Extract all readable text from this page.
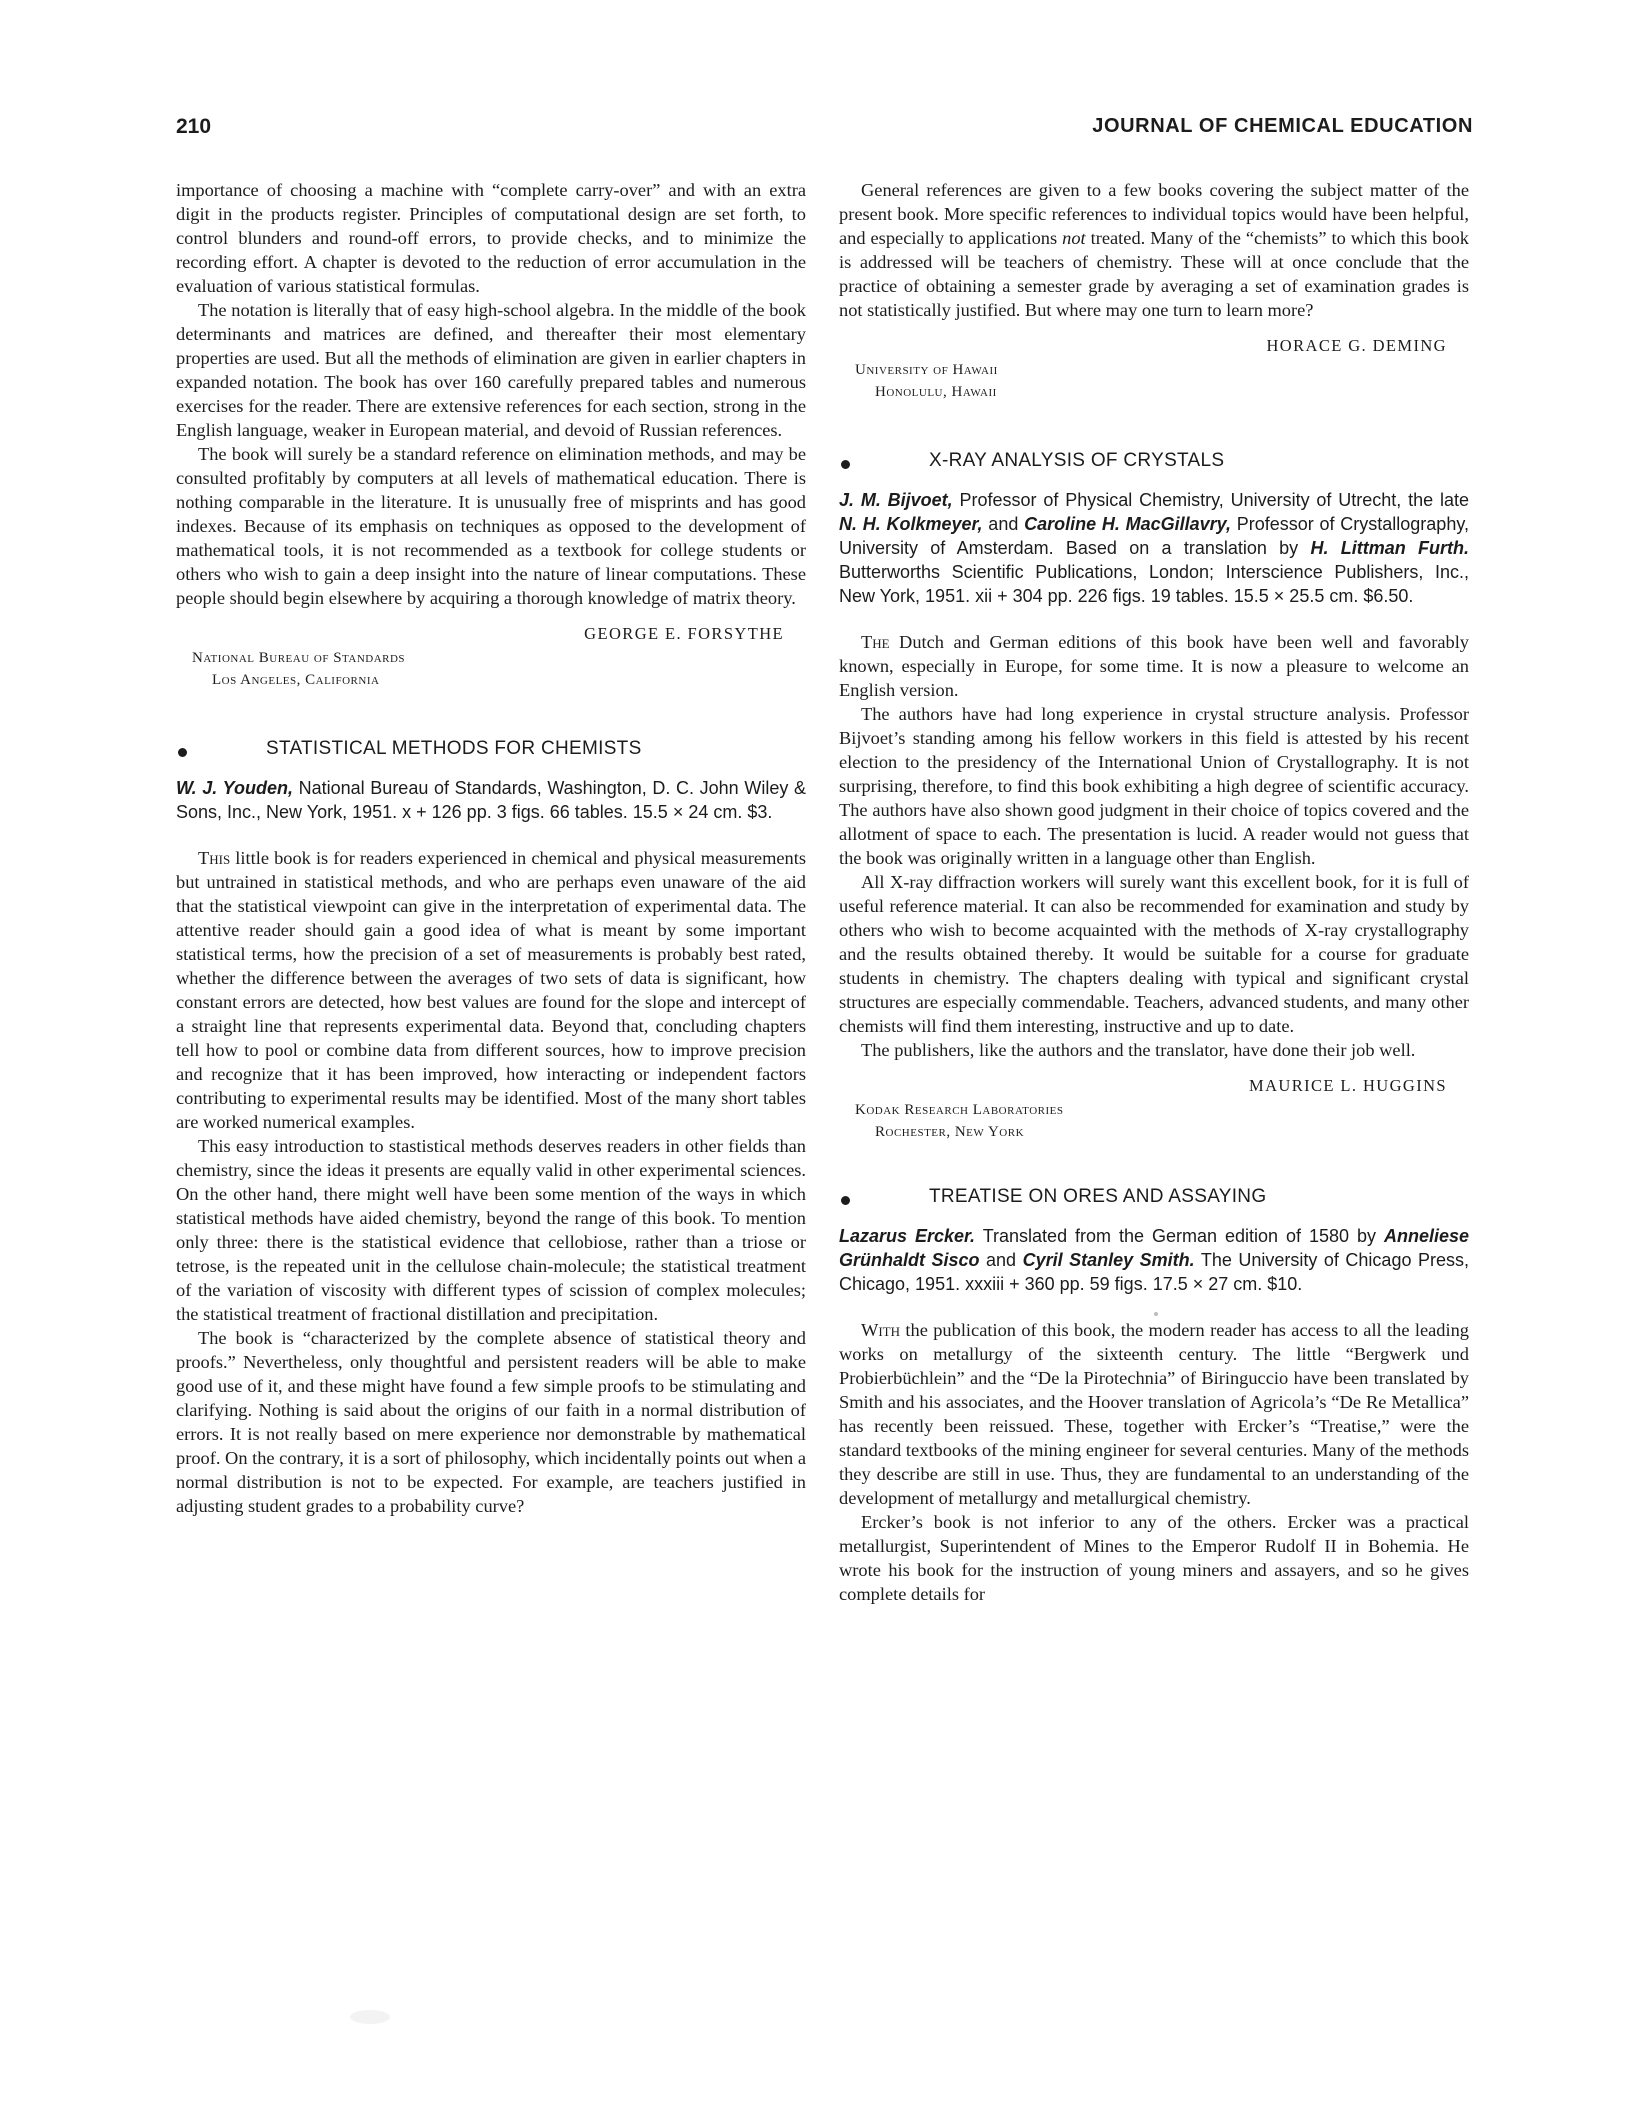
210	JOURNAL OF CHEMICAL EDUCATION

importance of choosing a machine with “complete carry-over” and with an extra digit in the products register. Principles of computational design are set forth, to control blunders and round-off errors, to provide checks, and to minimize the recording effort. A chapter is devoted to the reduction of error accumulation in the evaluation of various statistical formulas.

The notation is literally that of easy high-school algebra. In the middle of the book determinants and matrices are defined, and thereafter their most elementary properties are used. But all the methods of elimination are given in earlier chapters in expanded notation. The book has over 160 carefully prepared tables and numerous exercises for the reader. There are extensive references for each section, strong in the English language, weaker in European material, and devoid of Russian references.

The book will surely be a standard reference on elimination methods, and may be consulted profitably by computers at all levels of mathematical education. There is nothing comparable in the literature. It is unusually free of misprints and has good indexes. Because of its emphasis on techniques as opposed to the development of mathematical tools, it is not recommended as a textbook for college students or others who wish to gain a deep insight into the nature of linear computations. These people should begin elsewhere by acquiring a thorough knowledge of matrix theory.

GEORGE E. FORSYTHE
National Bureau of Standards
Los Angeles, California
STATISTICAL METHODS FOR CHEMISTS
W. J. Youden, National Bureau of Standards, Washington, D. C. John Wiley & Sons, Inc., New York, 1951. x + 126 pp. 3 figs. 66 tables. 15.5 × 24 cm. $3.

This little book is for readers experienced in chemical and physical measurements but untrained in statistical methods, and who are perhaps even unaware of the aid that the statistical viewpoint can give in the interpretation of experimental data. The attentive reader should gain a good idea of what is meant by some important statistical terms, how the precision of a set of measurements is probably best rated, whether the difference between the averages of two sets of data is significant, how constant errors are detected, how best values are found for the slope and intercept of a straight line that represents experimental data. Beyond that, concluding chapters tell how to pool or combine data from different sources, how to improve precision and recognize that it has been improved, how interacting or independent factors contributing to experimental results may be identified. Most of the many short tables are worked numerical examples.

This easy introduction to stastistical methods deserves readers in other fields than chemistry, since the ideas it presents are equally valid in other experimental sciences. On the other hand, there might well have been some mention of the ways in which statistical methods have aided chemistry, beyond the range of this book. To mention only three: there is the statistical evidence that cellobiose, rather than a triose or tetrose, is the repeated unit in the cellulose chain-molecule; the statistical treatment of the variation of viscosity with different types of scission of complex molecules; the statistical treatment of fractional distillation and precipitation.

The book is “characterized by the complete absence of statistical theory and proofs.” Nevertheless, only thoughtful and persistent readers will be able to make good use of it, and these might have found a few simple proofs to be stimulating and clarifying. Nothing is said about the origins of our faith in a normal distribution of errors. It is not really based on mere experience nor demonstrable by mathematical proof. On the contrary, it is a sort of philosophy, which incidentally points out when a normal distribution is not to be expected. For example, are teachers justified in adjusting student grades to a probability curve?

General references are given to a few books covering the subject matter of the present book. More specific references to individual topics would have been helpful, and especially to applications not treated. Many of the “chemists” to which this book is addressed will be teachers of chemistry. These will at once conclude that the practice of obtaining a semester grade by averaging a set of examination grades is not statistically justified. But where may one turn to learn more?

HORACE G. DEMING
University of Hawaii
Honolulu, Hawaii
X-RAY ANALYSIS OF CRYSTALS
J. M. Bijvoet, Professor of Physical Chemistry, University of Utrecht, the late N. H. Kolkmeyer, and Caroline H. MacGillavry, Professor of Crystallography, University of Amsterdam. Based on a translation by H. Littman Furth. Butterworths Scientific Publications, London; Interscience Publishers, Inc., New York, 1951. xii + 304 pp. 226 figs. 19 tables. 15.5 × 25.5 cm. $6.50.

The Dutch and German editions of this book have been well and favorably known, especially in Europe, for some time. It is now a pleasure to welcome an English version.

The authors have had long experience in crystal structure analysis. Professor Bijvoet’s standing among his fellow workers in this field is attested by his recent election to the presidency of the International Union of Crystallography. It is not surprising, therefore, to find this book exhibiting a high degree of scientific accuracy. The authors have also shown good judgment in their choice of topics covered and the allotment of space to each. The presentation is lucid. A reader would not guess that the book was originally written in a language other than English.

All X-ray diffraction workers will surely want this excellent book, for it is full of useful reference material. It can also be recommended for examination and study by others who wish to become acquainted with the methods of X-ray crystallography and the results obtained thereby. It would be suitable for a course for graduate students in chemistry. The chapters dealing with typical and significant crystal structures are especially commendable. Teachers, advanced students, and many other chemists will find them interesting, instructive and up to date.

The publishers, like the authors and the translator, have done their job well.

MAURICE L. HUGGINS
Kodak Research Laboratories
Rochester, New York
TREATISE ON ORES AND ASSAYING
Lazarus Ercker. Translated from the German edition of 1580 by Anneliese Grünhaldt Sisco and Cyril Stanley Smith. The University of Chicago Press, Chicago, 1951. xxxiii + 360 pp. 59 figs. 17.5 × 27 cm. $10.

With the publication of this book, the modern reader has access to all the leading works on metallurgy of the sixteenth century. The little “Bergwerk und Probierbüchlein” and the “De la Pirotechnia” of Biringuccio have been translated by Smith and his associates, and the Hoover translation of Agricola’s “De Re Metallica” has recently been reissued. These, together with Ercker’s “Treatise,” were the standard textbooks of the mining engineer for several centuries. Many of the methods they describe are still in use. Thus, they are fundamental to an understanding of the development of metallurgy and metallurgical chemistry.

Ercker’s book is not inferior to any of the others. Ercker was a practical metallurgist, Superintendent of Mines to the Emperor Rudolf II in Bohemia. He wrote his book for the instruction of young miners and assayers, and so he gives complete details for
